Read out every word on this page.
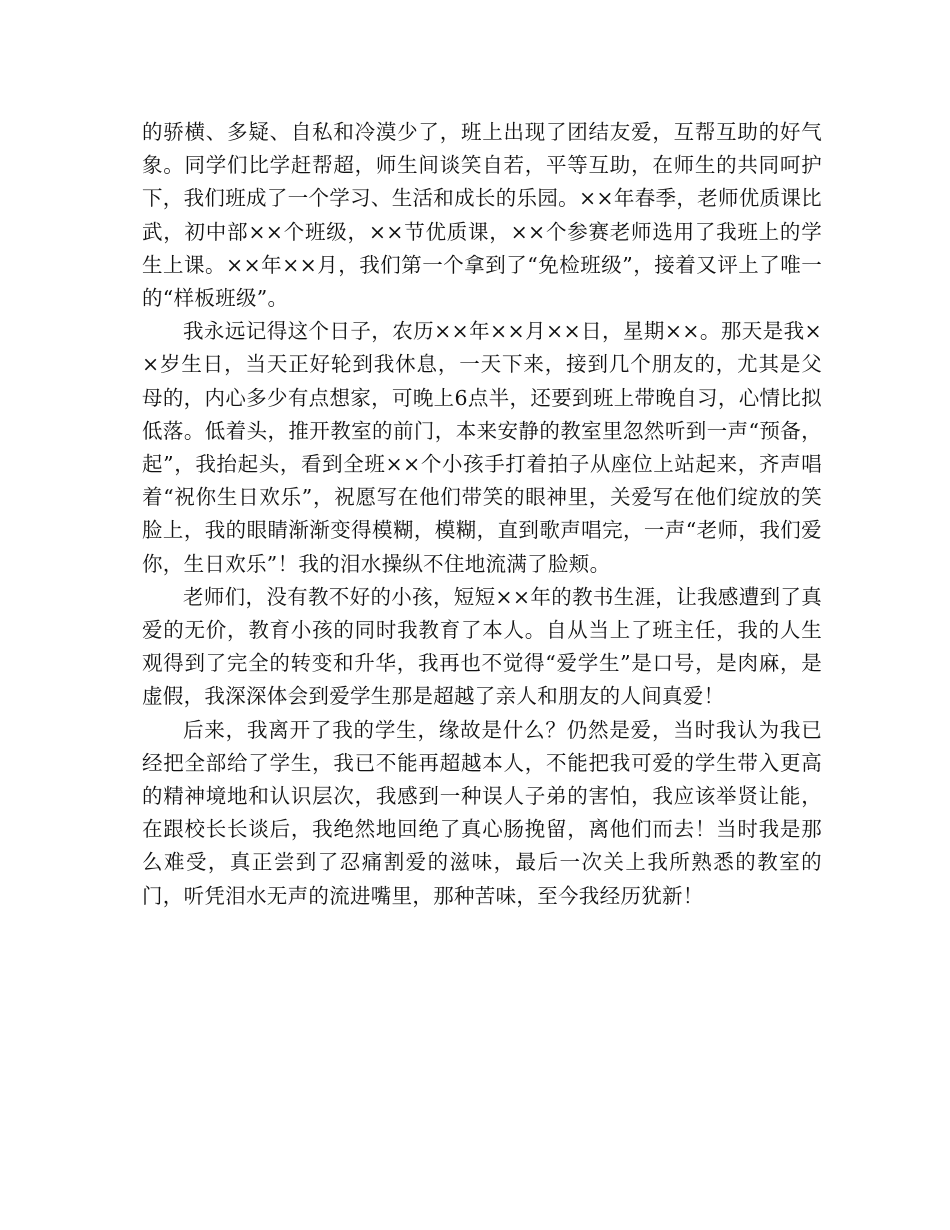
的骄横、多疑、自私和冷漠少了，班上出现了团结友爱，互帮互助的好气象。同学们比学赶帮超，师生间谈笑自若，平等互助，在师生的共同呵护下，我们班成了一个学习、生活和成长的乐园。××年春季，老师优质课比武，初中部××个班级，××节优质课，××个参赛老师选用了我班上的学生上课。××年××月，我们第一个拿到了“免检班级”，接着又评上了唯一的“样板班级”。

我永远记得这个日子，农历××年××月××日，星期××。那天是我××岁生日，当天正好轮到我休息，一天下来，接到几个朋友的，尤其是父母的，内心多少有点想家，可晚上6点半，还要到班上带晚自习，心情比拟低落。低着头，推开教室的前门，本来安静的教室里忽然听到一声“预备，起”，我抬起头，看到全班××个小孩手打着拍子从座位上站起来，齐声唱着“祝你生日欢乐”，祝愿写在他们带笑的眼神里，关爱写在他们绽放的笑脸上，我的眼睛渐渐变得模糊，模糊，直到歌声唱完，一声“老师，我们爱你，生日欢乐”！我的泪水操纵不住地流满了脸颊。

老师们，没有教不好的小孩，短短××年的教书生涯，让我感遭到了真爱的无价，教育小孩的同时我教育了本人。自从当上了班主任，我的人生观得到了完全的转变和升华，我再也不觉得“爱学生”是口号，是肉麻，是虚假，我深深体会到爱学生那是超越了亲人和朋友的人间真爱！

后来，我离开了我的学生，缘故是什么？仍然是爱，当时我认为我已经把全部给了学生，我已不能再超越本人，不能把我可爱的学生带入更高的精神境地和认识层次，我感到一种误人子弟的害怕，我应该举贤让能，在跟校长长谈后，我绝然地回绝了真心肠挽留，离他们而去！当时我是那么难受，真正尝到了忍痛割爱的滋味，最后一次关上我所熟悉的教室的门，听凭泪水无声的流进嘴里，那种苦味，至今我经历犹新！
